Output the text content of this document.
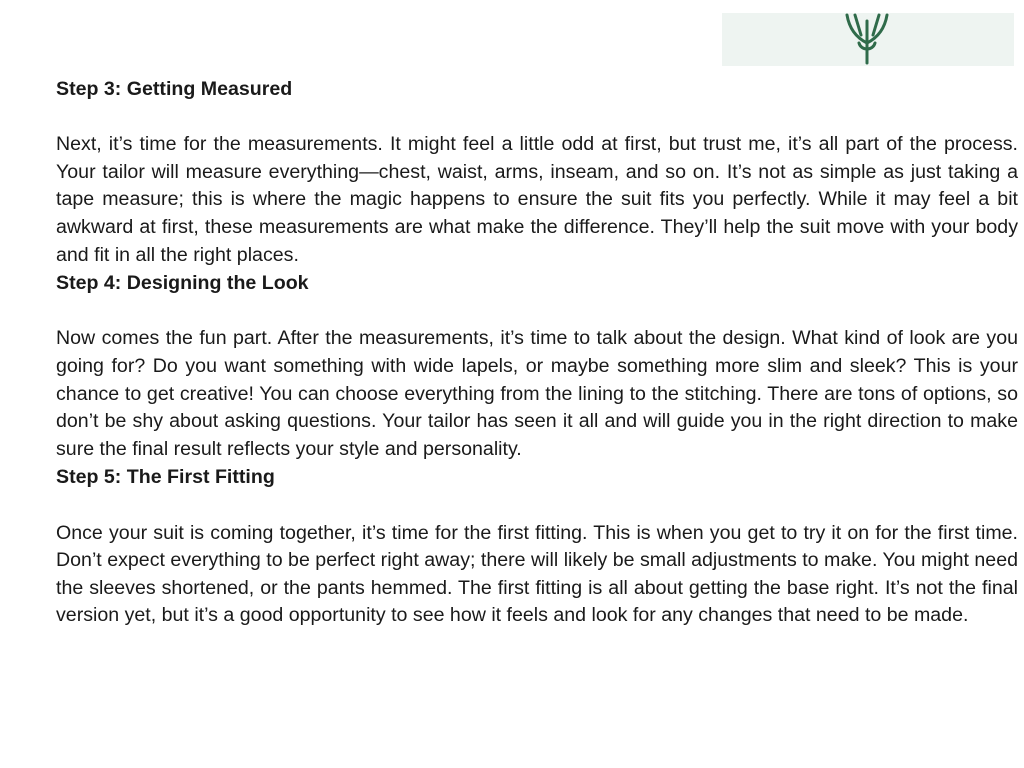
Step 3: Getting Measured

Next, it’s time for the measurements. It might feel a little odd at first, but trust me, it’s all part of the process. Your tailor will measure everything—chest, waist, arms, inseam, and so on. It’s not as simple as just taking a tape measure; this is where the magic happens to ensure the suit fits you perfectly. While it may feel a bit awkward at first, these measurements are what make the difference. They’ll help the suit move with your body and fit in all the right places.

Step 4: Designing the Look

Now comes the fun part. After the measurements, it’s time to talk about the design. What kind of look are you going for? Do you want something with wide lapels, or maybe something more slim and sleek? This is your chance to get creative! You can choose everything from the lining to the stitching. There are tons of options, so don’t be shy about asking questions. Your tailor has seen it all and will guide you in the right direction to make sure the final result reflects your style and personality.

Step 5: The First Fitting

Once your suit is coming together, it’s time for the first fitting. This is when you get to try it on for the first time. Don’t expect everything to be perfect right away; there will likely be small adjustments to make. You might need the sleeves shortened, or the pants hemmed. The first fitting is all about getting the base right. It’s not the final version yet, but it’s a good opportunity to see how it feels and look for any changes that need to be made.
